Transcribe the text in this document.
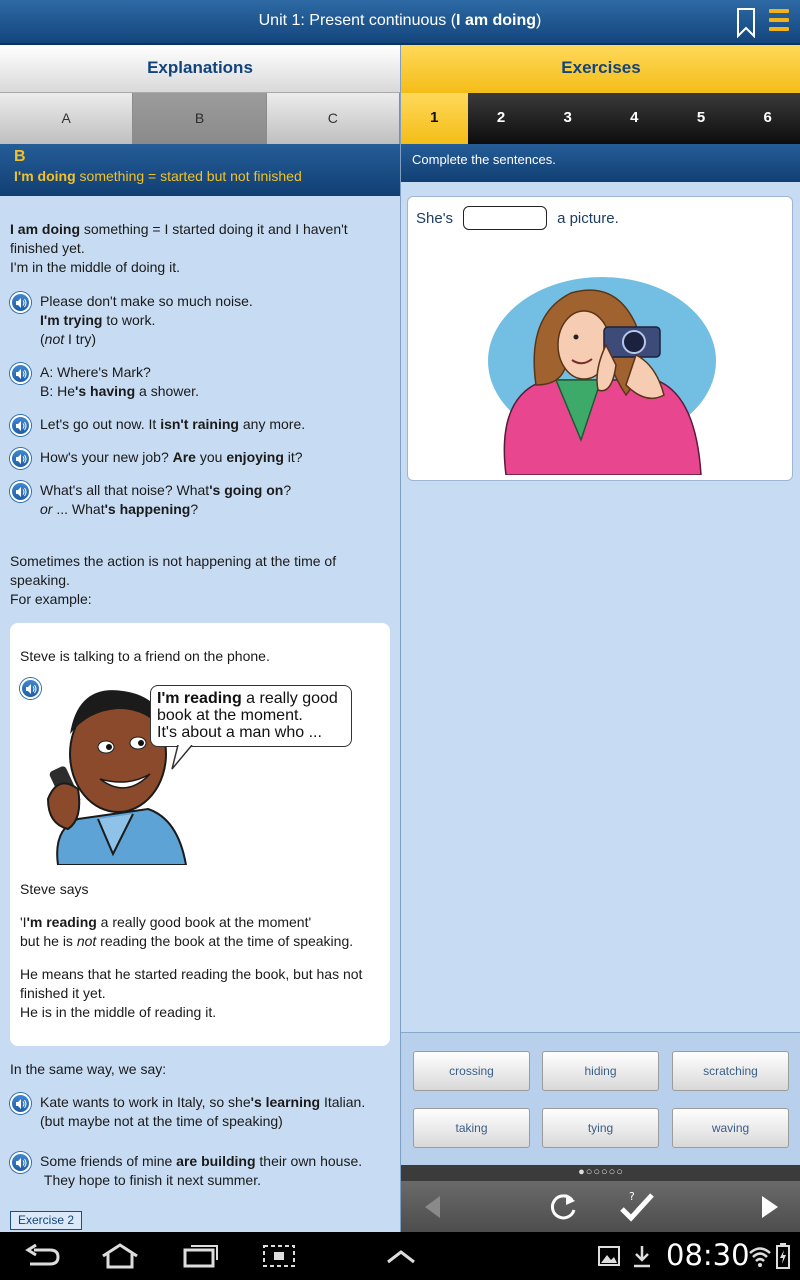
Unit 1: Present continuous (I am doing)
Explanations
A	B	C
B
I'm doing something = started but not finished
I am doing something = I started doing it and I haven't finished yet.
I'm in the middle of doing it.
Please don't make so much noise.
I'm trying to work.
(not I try)
A: Where's Mark?
B: He's having a shower.
Let's go out now. It isn't raining any more.
How's your new job? Are you enjoying it?
What's all that noise? What's going on?
or ... What's happening?
Sometimes the action is not happening at the time of speaking.
For example:
Steve is talking to a friend on the phone.
I'm reading a really good
book at the moment.
It's about a man who ...
Steve says
'I'm reading a really good book at the moment'
but he is not reading the book at the time of speaking.
He means that he started reading the book, but has not finished it yet.
He is in the middle of reading it.
In the same way, we say:
Kate wants to work in Italy, so she's learning Italian.
(but maybe not at the time of speaking)
Some friends of mine are building their own house.
They hope to finish it next summer.
Exercise 2
Exercises
1	2	3	4	5	6
Complete the sentences.
She's	a picture.
crossing	hiding	scratching
taking	tying	waving
●○○○○○
?
08:30
